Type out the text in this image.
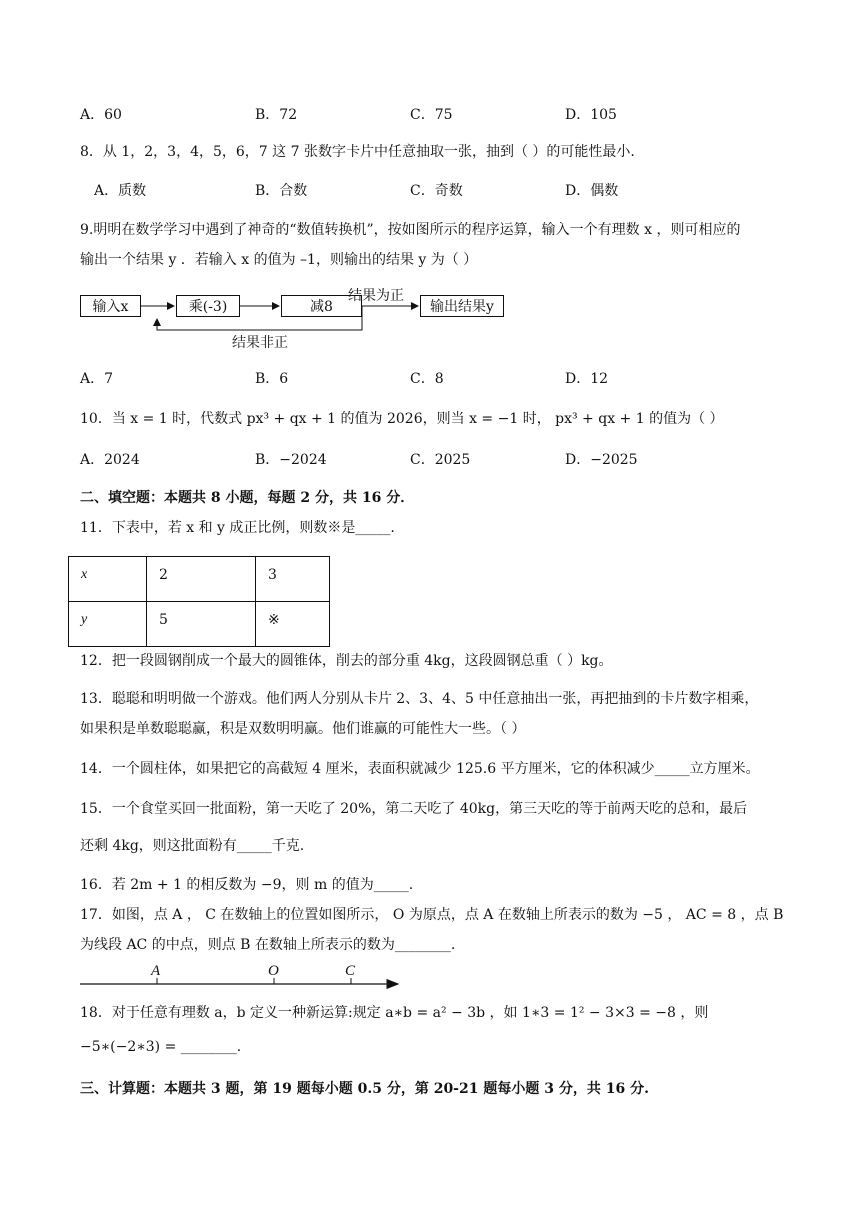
A．60	B．72	C．75	D．105
8．从 1，2，3，4，5，6，7 这 7 张数字卡片中任意抽取一张，抽到（ ）的可能性最小.
A．质数	B．合数	C．奇数	D．偶数
9.明明在数学学习中遇到了神奇的“数值转换机”，按如图所示的程序运算，输入一个有理数 x ，则可相应的
输出一个结果 y ．若输入 x 的值为 –1，则输出的结果 y 为（ ）
输入x	乘(-3)	减8	输出结果y
结果为正
结果非正
A．7	B．6	C．8	D．12
10．当 x = 1 时，代数式 px³ + qx + 1 的值为 2026，则当 x = −1 时， px³ + qx + 1 的值为（ ）
A．2024	B．−2024	C．2025	D．−2025
二、填空题：本题共 8 小题，每题 2 分，共 16 分．
11．下表中，若 x 和 y 成正比例，则数※是_____.
x	2	3

y	5	※
12．把一段圆钢削成一个最大的圆锥体，削去的部分重 4kg，这段圆钢总重（ ）kg。
13．聪聪和明明做一个游戏。他们两人分别从卡片 2、3、4、5 中任意抽出一张，再把抽到的卡片数字相乘，
如果积是单数聪聪赢，积是双数明明赢。他们谁赢的可能性大一些。（ ）
14．一个圆柱体，如果把它的高截短 4 厘米，表面积就减少 125.6 平方厘米，它的体积减少_____立方厘米。
15．一个食堂买回一批面粉，第一天吃了 20%，第二天吃了 40kg，第三天吃的等于前两天吃的总和，最后
还剩 4kg，则这批面粉有_____千克.
16．若 2m + 1 的相反数为 −9，则 m 的值为_____.
17．如图，点 A ， C 在数轴上的位置如图所示， O 为原点，点 A 在数轴上所表示的数为 −5 ， AC = 8 ，点 B
为线段 AC 的中点，则点 B 在数轴上所表示的数为________.
A	O	C
18．对于任意有理数 a，b 定义一种新运算:规定 a∗b = a² − 3b ，如 1∗3 = 1² − 3×3 = −8 ，则
−5∗(−2∗3) = ________.
三、计算题：本题共 3 题，第 19 题每小题 0.5 分，第 20-21 题每小题 3 分，共 16 分.
